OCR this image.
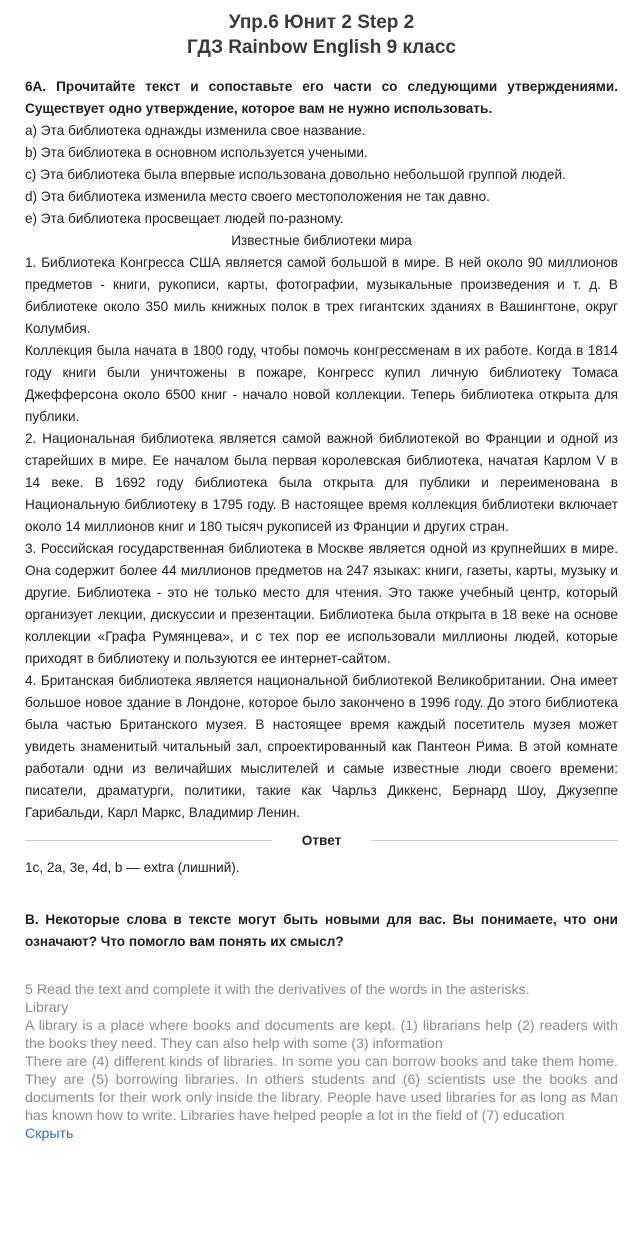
Упр.6 Юнит 2 Step 2
ГДЗ Rainbow English 9 класс

6A. Прочитайте текст и сопоставьте его части со следующими утверждениями. Существует одно утверждение, которое вам не нужно использовать.

a) Эта библиотека однажды изменила свое название.

b) Эта библиотека в основном используется учеными.

c) Эта библиотека была впервые использована довольно небольшой группой людей.

d) Эта библиотека изменила место своего местоположения не так давно.

e) Эта библиотека просвещает людей по-разному.

Известные библиотеки мира

1. Библиотека Конгресса США является самой большой в мире. В ней около 90 миллионов предметов - книги, рукописи, карты, фотографии, музыкальные произведения и т. д. В библиотеке около 350 миль книжных полок в трех гигантских зданиях в Вашингтоне, округ Колумбия.

Коллекция была начата в 1800 году, чтобы помочь конгрессменам в их работе. Когда в 1814 году книги были уничтожены в пожаре, Конгресс купил личную библиотеку Томаса Джефферсона около 6500 книг - начало новой коллекции. Теперь библиотека открыта для публики.

2. Национальная библиотека является самой важной библиотекой во Франции и одной из старейших в мире. Ее началом была первая королевская библиотека, начатая Карлом V в 14 веке. В 1692 году библиотека была открыта для публики и переименована в Национальную библиотеку в 1795 году. В настоящее время коллекция библиотеки включает около 14 миллионов книг и 180 тысяч рукописей из Франции и других стран.

3. Российская государственная библиотека в Москве является одной из крупнейших в мире. Она содержит более 44 миллионов предметов на 247 языках: книги, газеты, карты, музыку и другие. Библиотека - это не только место для чтения. Это также учебный центр, который организует лекции, дискуссии и презентации. Библиотека была открыта в 18 веке на основе коллекции «Графа Румянцева», и с тех пор ее использовали миллионы людей, которые приходят в библиотеку и пользуются ее интернет-сайтом.

4. Британская библиотека является национальной библиотекой Великобритании. Она имеет большое новое здание в Лондоне, которое было закончено в 1996 году. До этого библиотека была частью Британского музея. В настоящее время каждый посетитель музея может увидеть знаменитый читальный зал, спроектированный как Пантеон Рима. В этой комнате работали одни из величайших мыслителей и самые известные люди своего времени: писатели, драматурги, политики, такие как Чарльз Диккенс, Бернард Шоу, Джузеппе Гарибальди, Карл Маркс, Владимир Ленин.

Ответ

1c, 2a, 3e, 4d, b — extra (лишний).

B. Некоторые слова в тексте могут быть новыми для вас. Вы понимаете, что они означают? Что помогло вам понять их смысл?

5 Read the text and complete it with the derivatives of the words in the asterisks.

Library

A library is a place where books and documents are kept. (1) librarians help (2) readers with the books they need. They can also help with some (3) information

There are (4) different kinds of libraries. In some you can borrow books and take them home. They are (5) borrowing libraries. In others students and (6) scientists use the books and documents for their work only inside the library. People have used libraries for as long as Man has known how to write. Libraries have helped people a lot in the field of (7) education

Скрыть
